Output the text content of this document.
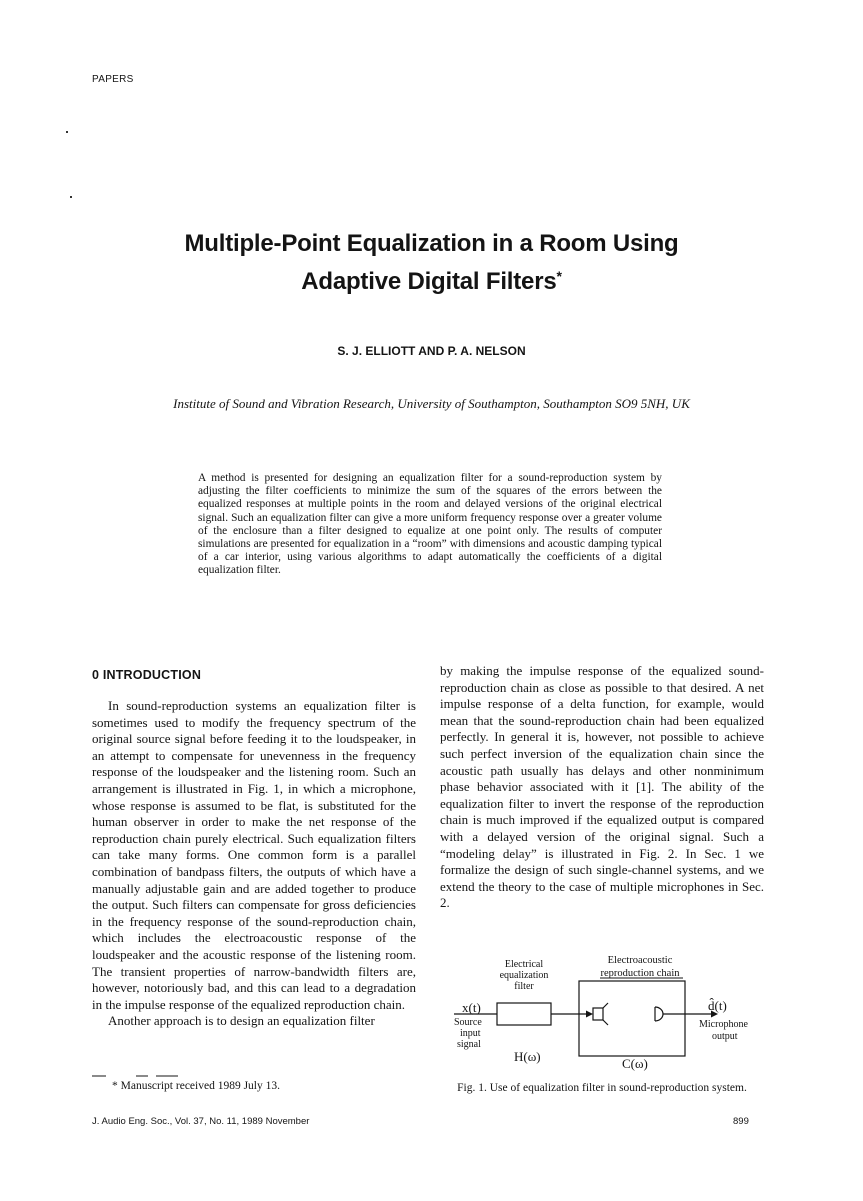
PAPERS
Multiple-Point Equalization in a Room Using
Adaptive Digital Filters*
S. J. ELLIOTT AND P. A. NELSON
Institute of Sound and Vibration Research, University of Southampton, Southampton SO9 5NH, UK
A method is presented for designing an equalization filter for a sound-reproduction system by adjusting the filter coefficients to minimize the sum of the squares of the errors between the equalized responses at multiple points in the room and delayed versions of the original electrical signal. Such an equalization filter can give a more uniform frequency response over a greater volume of the enclosure than a filter designed to equalize at one point only. The results of computer simulations are presented for equalization in a “room” with dimensions and acoustic damping typical of a car interior, using various algorithms to adapt automatically the coefficients of a digital equalization filter.
0 INTRODUCTION

In sound-reproduction systems an equalization filter is sometimes used to modify the frequency spectrum of the original source signal before feeding it to the loudspeaker, in an attempt to compensate for unevenness in the frequency response of the loudspeaker and the listening room. Such an arrangement is illustrated in Fig. 1, in which a microphone, whose response is assumed to be flat, is substituted for the human observer in order to make the net response of the reproduction chain purely electrical. Such equalization filters can take many forms. One common form is a parallel combination of bandpass filters, the outputs of which have a manually adjustable gain and are added together to produce the output. Such filters can compensate for gross deficiencies in the frequency response of the sound-reproduction chain, which includes the electroacoustic response of the loudspeaker and the acoustic response of the listening room. The transient properties of narrow-bandwidth filters are, however, notoriously bad, and this can lead to a degradation in the impulse response of the equalized reproduction chain.

Another approach is to design an equalization filter

by making the impulse response of the equalized sound-reproduction chain as close as possible to that desired. A net impulse response of a delta function, for example, would mean that the sound-reproduction chain had been equalized perfectly. In general it is, however, not possible to achieve such perfect inversion of the equalization chain since the acoustic path usually has delays and other nonminimum phase behavior associated with it [1]. The ability of the equalization filter to invert the response of the reproduction chain is much improved if the equalized output is compared with a delayed version of the original signal. Such a “modeling delay” is illustrated in Fig. 2. In Sec. 1 we formalize the design of such single-channel systems, and we extend the theory to the case of multiple microphones in Sec. 2.

Electrical
equalization
filter
Electroacoustic
reproduction chain
x(t)
Source
input
signal
d̂(t)
Microphone
output
H(ω)	C(ω)
* Manuscript received 1989 July 13.	Fig. 1. Use of equalization filter in sound-reproduction system.
J. Audio Eng. Soc., Vol. 37, No. 11, 1989 November	899
